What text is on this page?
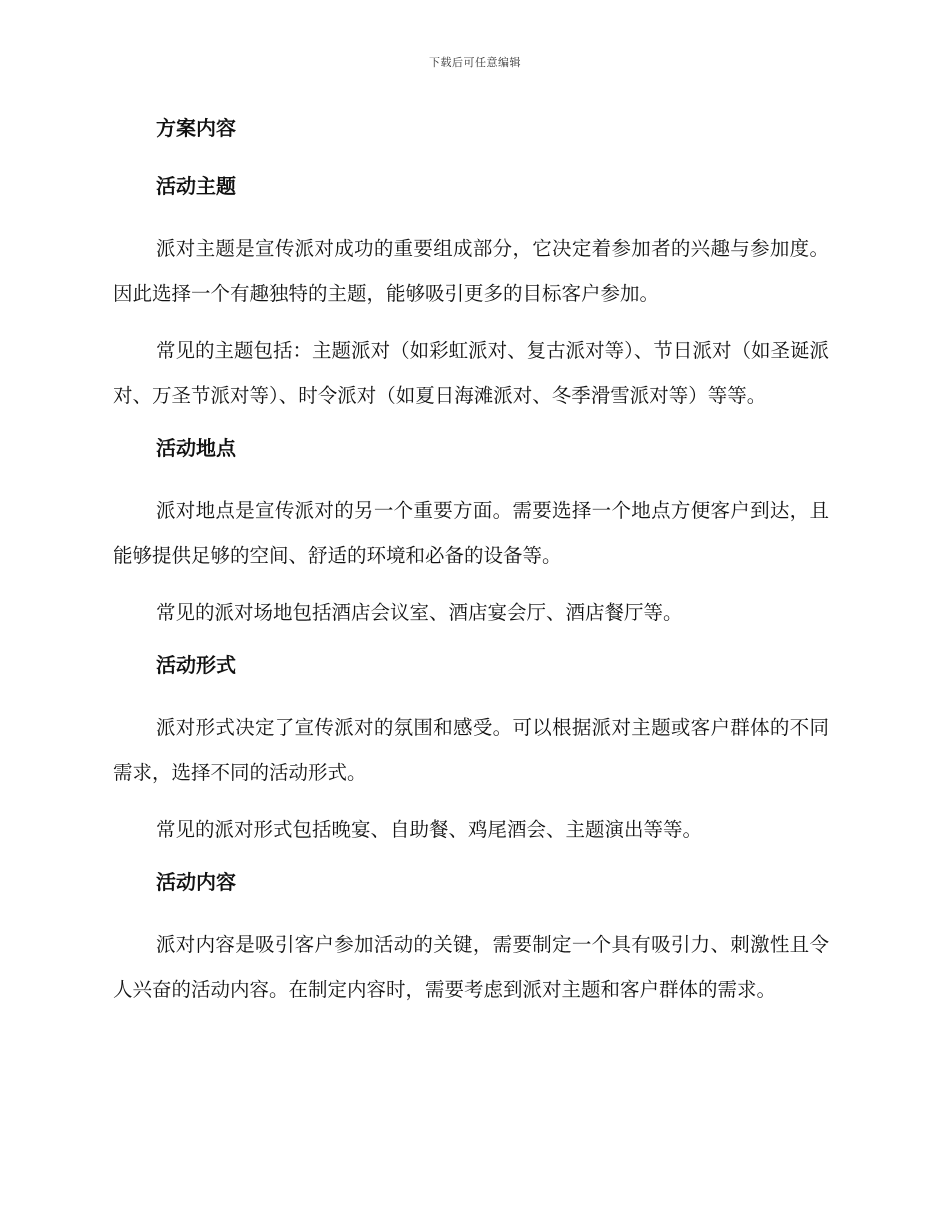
下载后可任意编辑
方案内容
活动主题

派对主题是宣传派对成功的重要组成部分，它决定着参加者的兴趣与参加度。因此选择一个有趣独特的主题，能够吸引更多的目标客户参加。

常见的主题包括：主题派对（如彩虹派对、复古派对等）、节日派对（如圣诞派对、万圣节派对等）、时令派对（如夏日海滩派对、冬季滑雪派对等）等等。

活动地点

派对地点是宣传派对的另一个重要方面。需要选择一个地点方便客户到达，且能够提供足够的空间、舒适的环境和必备的设备等。

常见的派对场地包括酒店会议室、酒店宴会厅、酒店餐厅等。

活动形式

派对形式决定了宣传派对的氛围和感受。可以根据派对主题或客户群体的不同需求，选择不同的活动形式。

常见的派对形式包括晚宴、自助餐、鸡尾酒会、主题演出等等。

活动内容

派对内容是吸引客户参加活动的关键，需要制定一个具有吸引力、刺激性且令人兴奋的活动内容。在制定内容时，需要考虑到派对主题和客户群体的需求。
